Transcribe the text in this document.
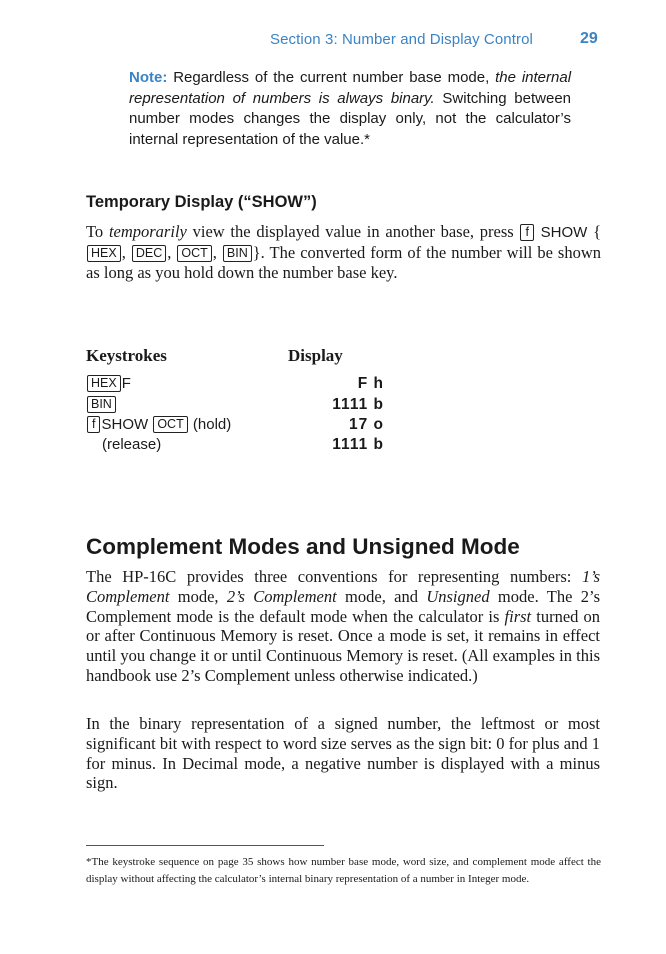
Section 3: Number and Display Control	29
Note: Regardless of the current number base mode, the internal representation of numbers is always binary. Switching between number modes changes the display only, not the calculator’s internal representation of the value.*
Temporary Display (“SHOW”)
To temporarily view the displayed value in another base, press f SHOW {HEX , DEC , OCT , BIN }. The converted form of the number will be shown as long as you hold down the number base key.
Keystrokes	Display
HEX F	F h
BIN	1111 b
f SHOW OCT (hold)	17 o
(release)	1111 b
Complement Modes and Unsigned Mode
The HP-16C provides three conventions for representing numbers: 1’s Complement mode, 2’s Complement mode, and Unsigned mode. The 2’s Complement mode is the default mode when the calculator is first turned on or after Continuous Memory is reset. Once a mode is set, it remains in effect until you change it or until Continuous Memory is reset. (All examples in this handbook use 2’s Complement unless otherwise indicated.)
In the binary representation of a signed number, the leftmost or most significant bit with respect to word size serves as the sign bit: 0 for plus and 1 for minus. In Decimal mode, a negative number is displayed with a minus sign.
*The keystroke sequence on page 35 shows how number base mode, word size, and complement mode affect the display without affecting the calculator’s internal binary representation of a number in Integer mode.
